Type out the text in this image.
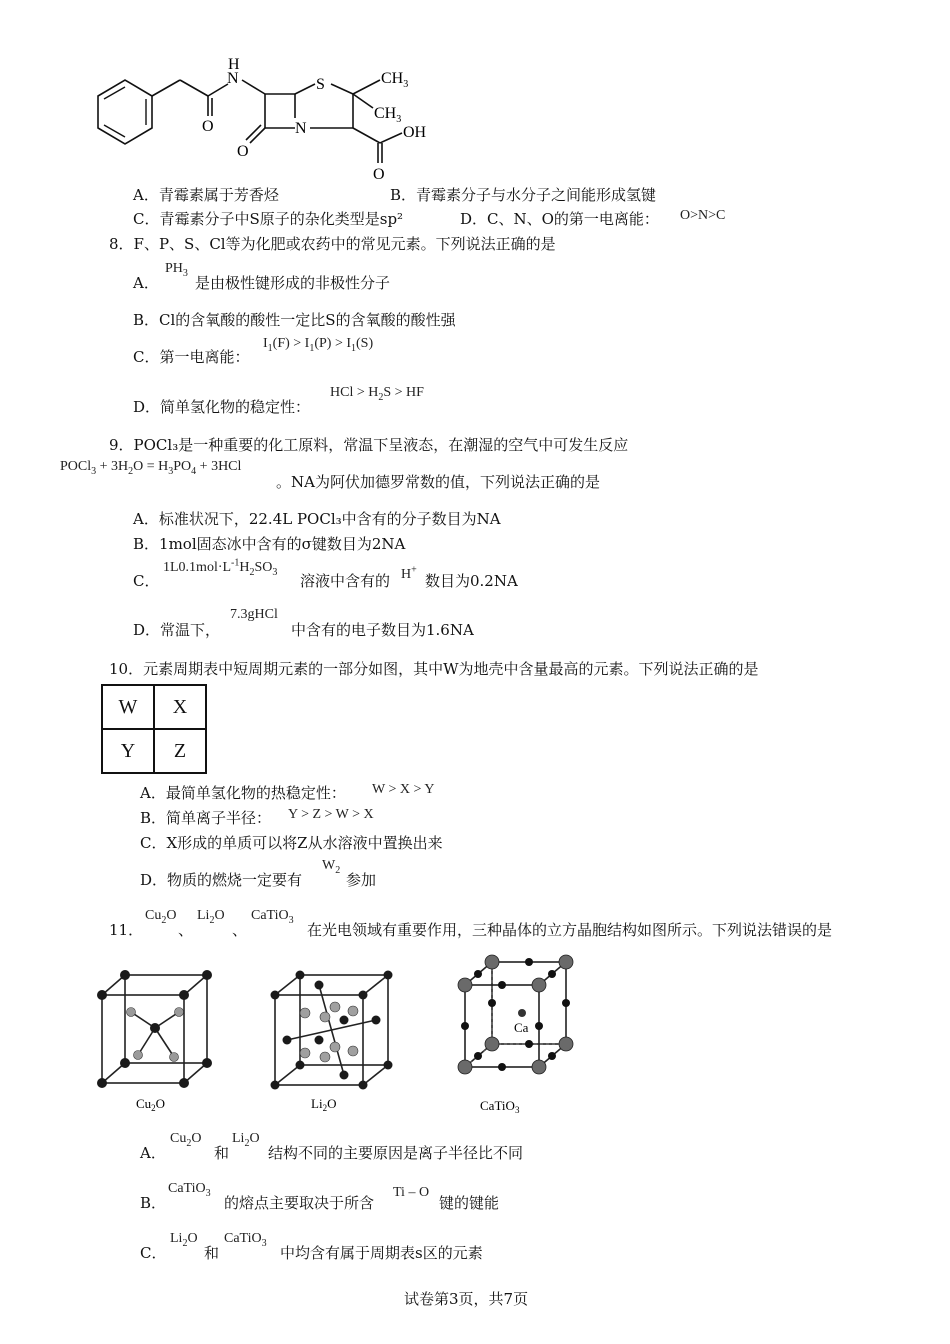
O
N
H
O
N
S	$CH_3$
$CH_3$
OH
O
A．青霉素属于芳香烃	B．青霉素分子与水分子之间能形成氢键
C．青霉素分子中S原子的杂化类型是sp²	D．C、N、O的第一电离能： O>N>C
8．F、P、S、Cl等为化肥或农药中的常见元素。下列说法正确的是
A．
$PH_3$
是由极性键形成的非极性分子
B．Cl的含氧酸的酸性一定比S的含氧酸的酸性强
C．第一电离能：
$I_1(F) > I_1(P) > I_1(S)$
D．简单氢化物的稳定性：
HCl > $H_2S$ > HF
9．POCl₃是一种重要的化工原料，常温下呈液态，在潮湿的空气中可发生反应
POCl$_3$ + $3H_2O = H_3PO_4 + 3HCl$
。NA为阿伏加德罗常数的值，下列说法正确的是
A．标准状况下，22.4L POCl₃中含有的分子数目为NA
B．1mol固态冰中含有的σ键数目为2NA
C．
$1L0.1mol\cdot L^{-1}H_2SO_3$ 溶液中含有的 H+
数目为0.2NA
D．常温下，
7.3gHCl
中含有的电子数目为1.6NA
10．元素周期表中短周期元素的一部分如图，其中W为地壳中含量最高的元素。下列说法正确的是
W	X
Y	Z
A．最简单氢化物的热稳定性： W > X > Y
B．简单离子半径： Y > Z > W > X
C．X形成的单质可以将Z从水溶液中置换出来
D．物质的燃烧一定要有
$W_2$
参加
11．
$Cu_2O$
、
$Li_2O$
、
CaTiO$_3$
在光电领域有重要作用，三种晶体的立方晶胞结构如图所示。下列说法错误的是
$Cu_2O$	$Li_2O$
Ca
CaTiO$_3$
A．
$Cu_2O$
和
$Li_2O$
结构不同的主要原因是离子半径比不同
B．
CaTiO$_3$
的熔点主要取决于所含
Ti – O
键的键能
C．
$Li_2O$
和
CaTiO$_3$
中均含有属于周期表s区的元素
试卷第3页，共7页
